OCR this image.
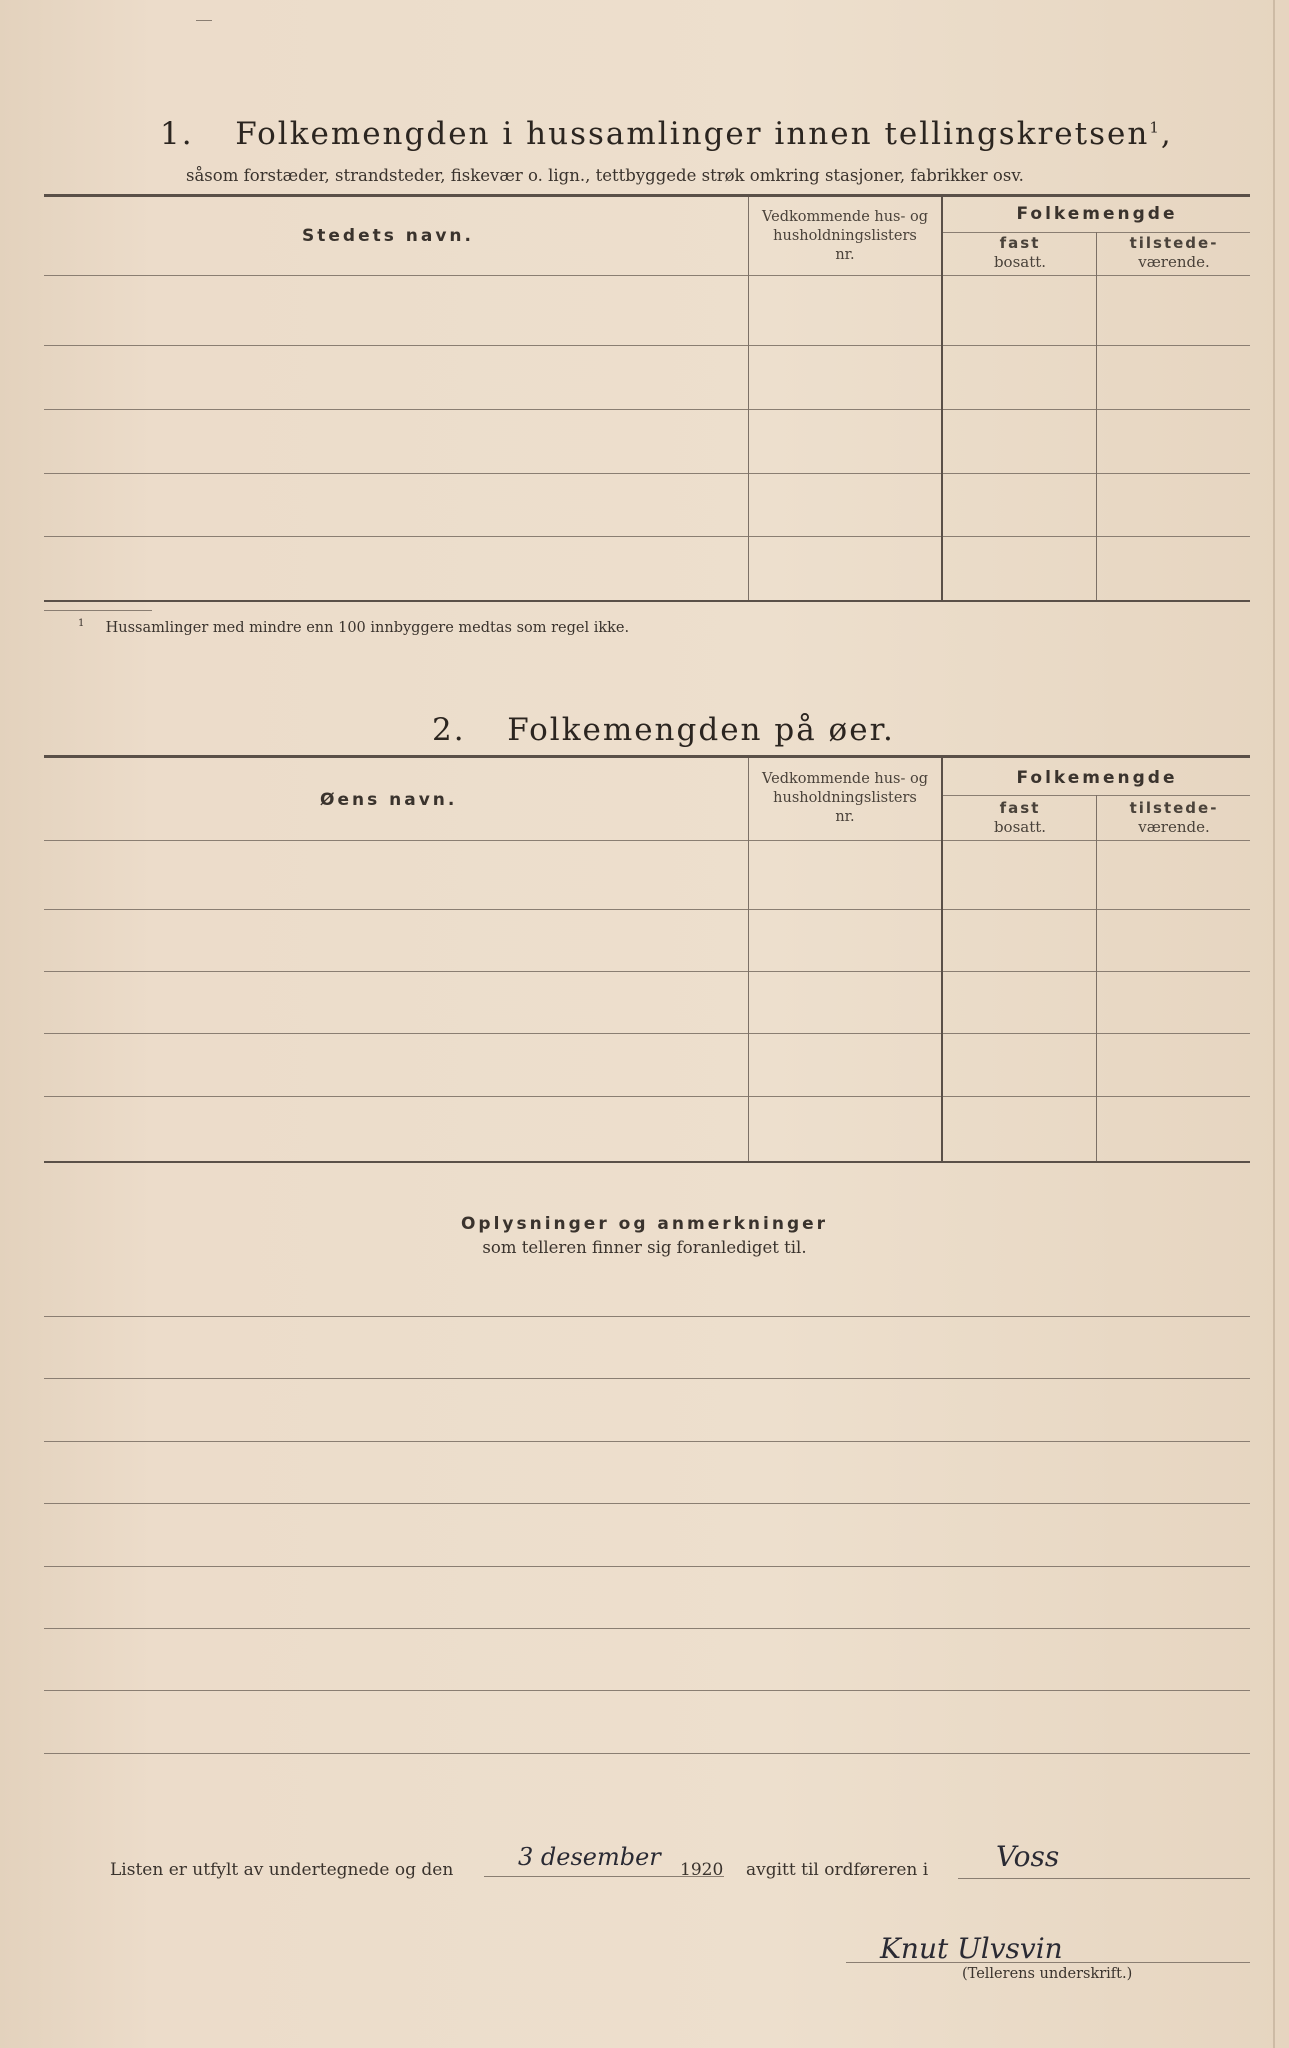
1. Folkemengden i hussamlinger innen tellingskretsen$^1$,
såsom forstæder, strandsteder, fiskevær o. lign., tettbyggede strøk omkring stasjoner, fabrikker osv.
Stedets navn.
Vedkommende hus- og
husholdningslisters
nr.
Folkemengde
fast
bosatt.
tilstede-
værende.
$^1$ Hussamlinger med mindre enn 100 innbyggere medtas som regel ikke.
2. Folkemengden på øer.
Øens navn.
Vedkommende hus- og
husholdningslisters
nr.
Folkemengde
fast
bosatt.
tilstede-
værende.
Oplysninger og anmerkninger
som telleren finner sig foranlediget til.
Listen er utfylt av undertegnede og den	3 desember 1920 avgitt til ordføreren i Voss
Knut Ulvsvin
(Tellerens underskrift.)
